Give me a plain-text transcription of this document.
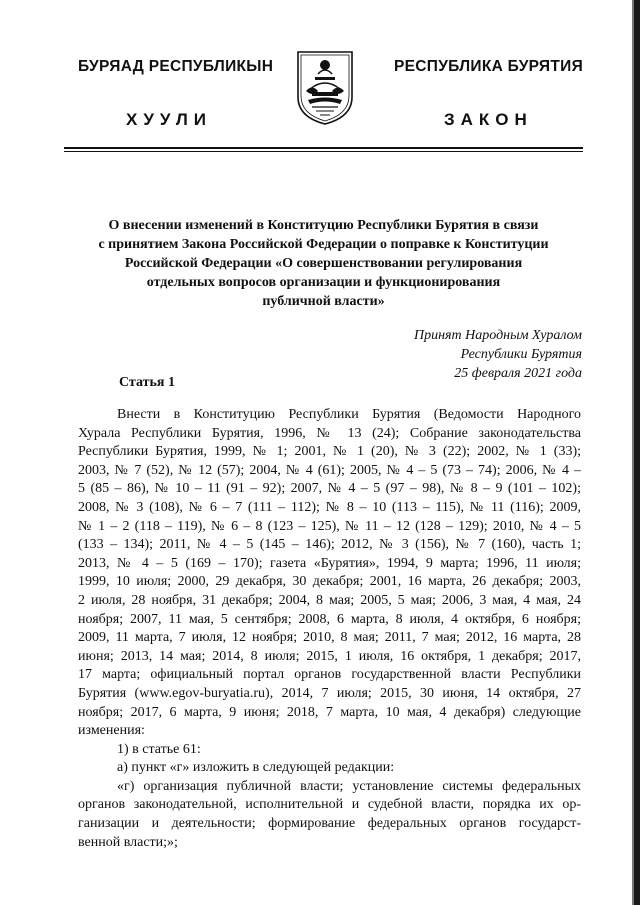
БУРЯАД РЕСПУБЛИКЫН	РЕСПУБЛИКА БУРЯТИЯ
ХУУЛИ	ЗАКОН
О внесении изменений в Конституцию Республики Бурятия в связи
с принятием Закона Российской Федерации о поправке к Конституции
Российской Федерации «О совершенствовании регулирования
отдельных вопросов организации и функционирования
публичной власти»
Принят Народным Хуралом
Республики Бурятия
25 февраля 2021 года
Статья 1
Внести в Конституцию Республики Бурятия (Ведомости Народного
Хурала Республики Бурятия, 1996, № 13 (24); Собрание законодательства
Республики Бурятия, 1999, № 1; 2001, № 1 (20), № 3 (22); 2002, № 1 (33);
2003, № 7 (52), № 12 (57); 2004, № 4 (61); 2005, № 4 – 5 (73 – 74); 2006, № 4 –
5 (85 – 86), № 10 – 11 (91 – 92); 2007, № 4 – 5 (97 – 98), № 8 – 9 (101 – 102);
2008, № 3 (108), № 6 – 7 (111 – 112); № 8 – 10 (113 – 115), № 11 (116); 2009,
№ 1 – 2 (118 – 119), № 6 – 8 (123 – 125), № 11 – 12 (128 – 129); 2010, № 4 – 5
(133 – 134); 2011, № 4 – 5 (145 – 146); 2012, № 3 (156), № 7 (160), часть 1;
2013, № 4 – 5 (169 – 170); газета «Бурятия», 1994, 9 марта; 1996, 11 июля;
1999, 10 июля; 2000, 29 декабря, 30 декабря; 2001, 16 марта, 26 декабря; 2003,
2 июля, 28 ноября, 31 декабря; 2004, 8 мая; 2005, 5 мая; 2006, 3 мая, 4 мая, 24
ноября; 2007, 11 мая, 5 сентября; 2008, 6 марта, 8 июля, 4 октября, 6 ноября;
2009, 11 марта, 7 июля, 12 ноября; 2010, 8 мая; 2011, 7 мая; 2012, 16 марта, 28
июня; 2013, 14 мая; 2014, 8 июля; 2015, 1 июля, 16 октября, 1 декабря; 2017,
17 марта; официальный портал органов государственной власти Республики
Бурятия (www.egov-buryatia.ru), 2014, 7 июля; 2015, 30 июня, 14 октября, 27
ноября; 2017, 6 марта, 9 июня; 2018, 7 марта, 10 мая, 4 декабря) следующие
изменения:
1) в статье 61:
а) пункт «г» изложить в следующей редакции:
«г) организация публичной власти; установление системы федеральных
органов законодательной, исполнительной и судебной власти, порядка их ор-
ганизации и деятельности; формирование федеральных органов государст-
венной власти;»;
